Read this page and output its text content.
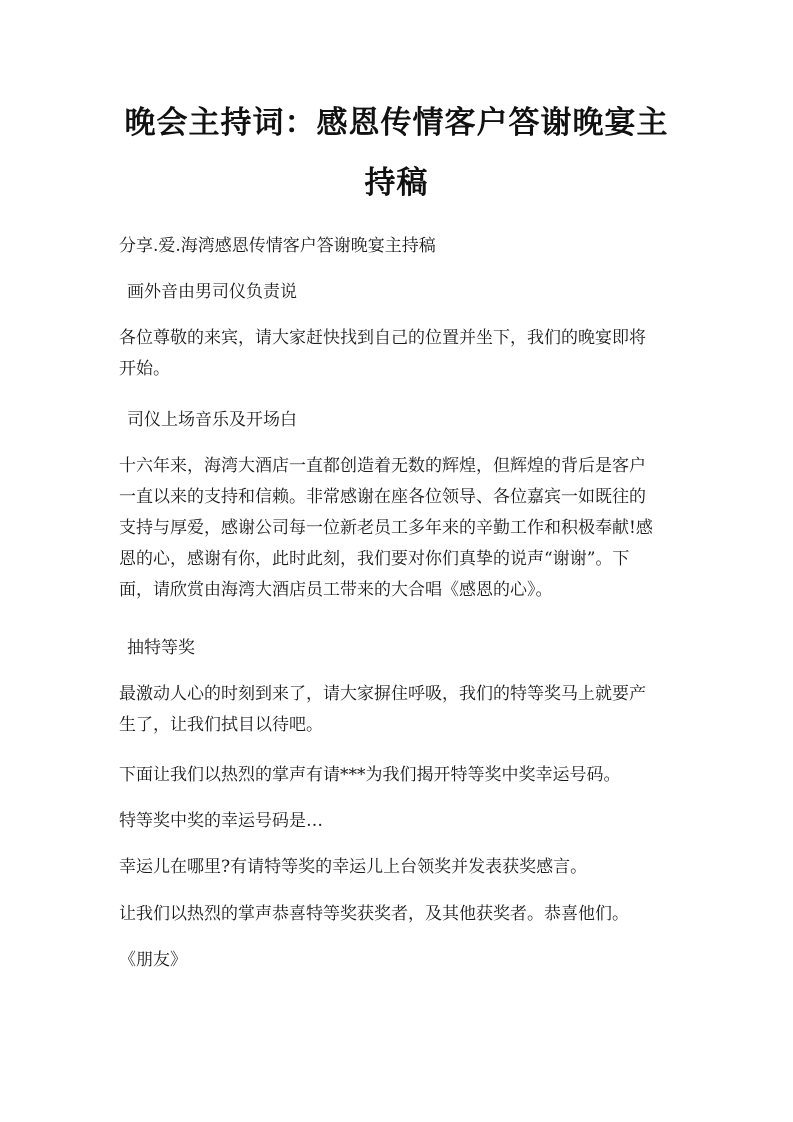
晚会主持词：感恩传情客户答谢晚宴主
持稿

分享.爱.海湾感恩传情客户答谢晚宴主持稿

画外音由男司仪负责说

各位尊敬的来宾，请大家赶快找到自己的位置并坐下，我们的晚宴即将
开始。

司仪上场音乐及开场白

十六年来，海湾大酒店一直都创造着无数的辉煌，但辉煌的背后是客户
一直以来的支持和信赖。非常感谢在座各位领导、各位嘉宾一如既往的
支持与厚爱，感谢公司每一位新老员工多年来的辛勤工作和积极奉献!感
恩的心，感谢有你，此时此刻，我们要对你们真挚的说声“谢谢”。下
面，请欣赏由海湾大酒店员工带来的大合唱《感恩的心》。

抽特等奖

最激动人心的时刻到来了，请大家摒住呼吸，我们的特等奖马上就要产
生了，让我们拭目以待吧。

下面让我们以热烈的掌声有请***为我们揭开特等奖中奖幸运号码。

特等奖中奖的幸运号码是…

幸运儿在哪里?有请特等奖的幸运儿上台领奖并发表获奖感言。

让我们以热烈的掌声恭喜特等奖获奖者，及其他获奖者。恭喜他们。

《朋友》
